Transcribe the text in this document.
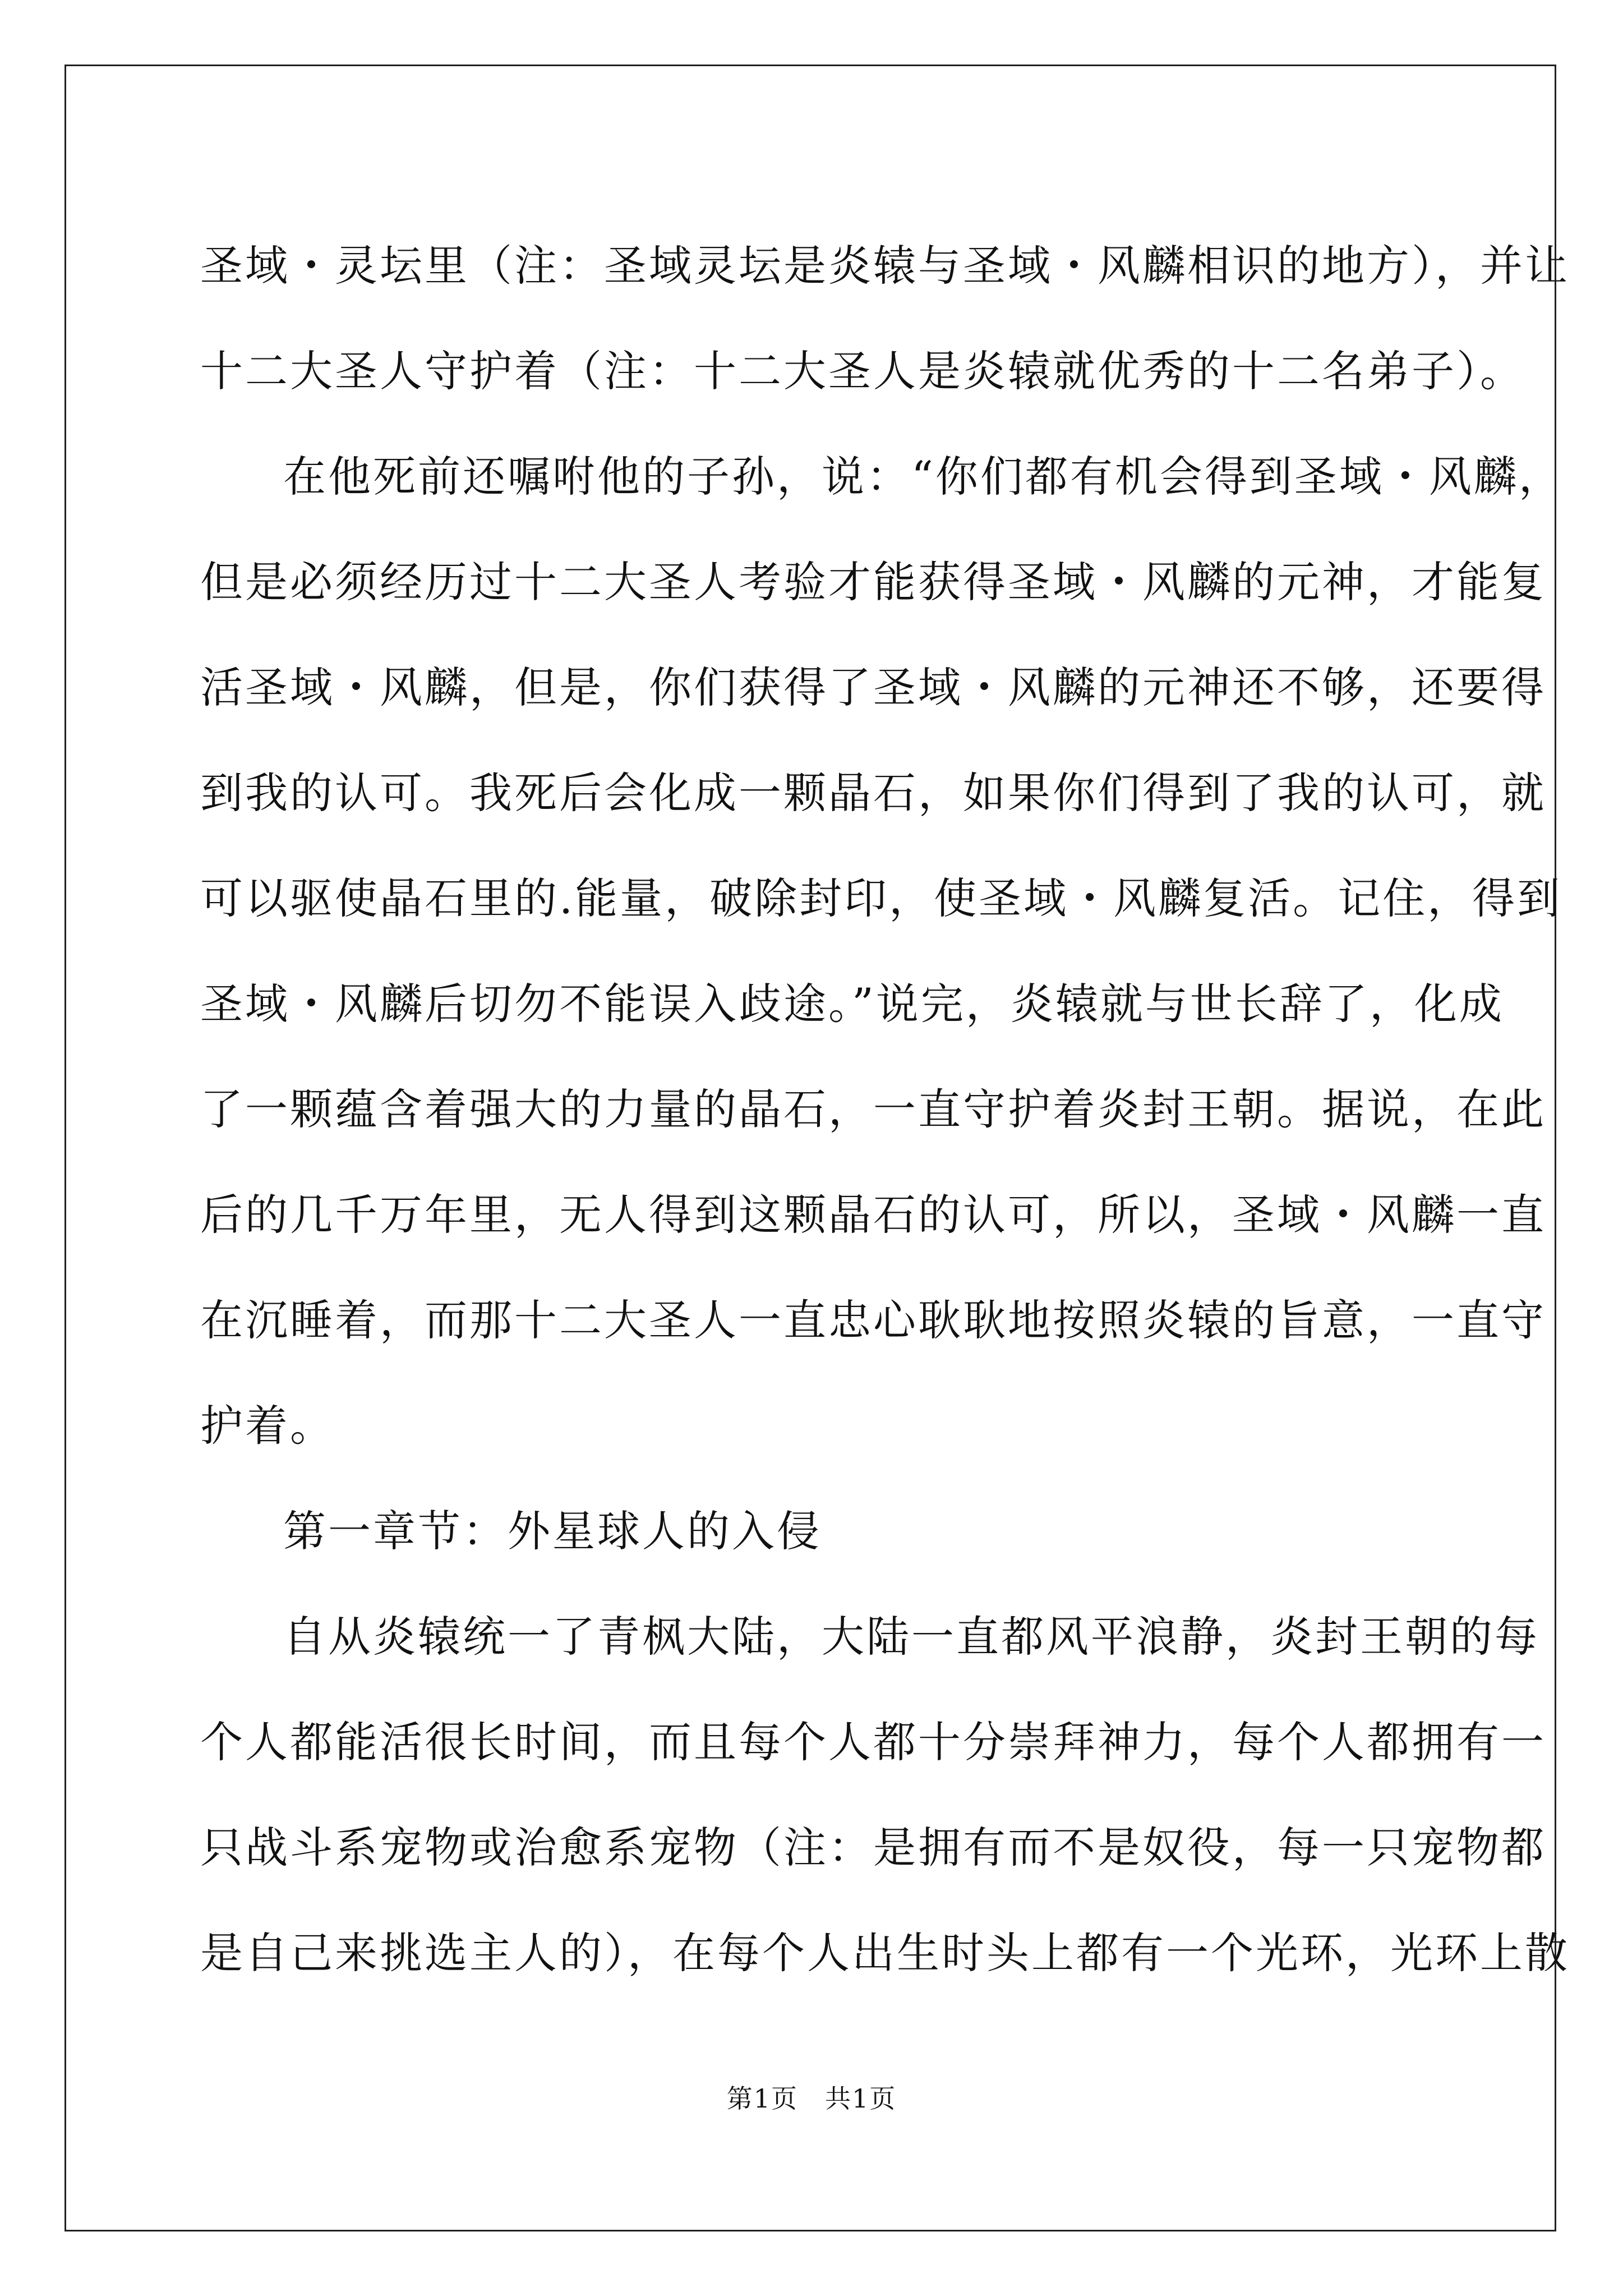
圣域・灵坛里（注：圣域灵坛是炎辕与圣域・风麟相识的地方），并让
十二大圣人守护着（注：十二大圣人是炎辕就优秀的十二名弟子）。
在他死前还嘱咐他的子孙，说：“你们都有机会得到圣域・风麟，
但是必须经历过十二大圣人考验才能获得圣域・风麟的元神，才能复
活圣域・风麟，但是，你们获得了圣域・风麟的元神还不够，还要得
到我的认可。我死后会化成一颗晶石，如果你们得到了我的认可，就
可以驱使晶石里的.能量，破除封印，使圣域・风麟复活。记住，得到
圣域・风麟后切勿不能误入歧途。”说完，炎辕就与世长辞了，化成
了一颗蕴含着强大的力量的晶石，一直守护着炎封王朝。据说，在此
后的几千万年里，无人得到这颗晶石的认可，所以，圣域・风麟一直
在沉睡着，而那十二大圣人一直忠心耿耿地按照炎辕的旨意，一直守
护着。
第一章节：外星球人的入侵
自从炎辕统一了青枫大陆，大陆一直都风平浪静，炎封王朝的每
个人都能活很长时间，而且每个人都十分崇拜神力，每个人都拥有一
只战斗系宠物或治愈系宠物（注：是拥有而不是奴役，每一只宠物都
是自己来挑选主人的），在每个人出生时头上都有一个光环，光环上散
第1页　共1页
